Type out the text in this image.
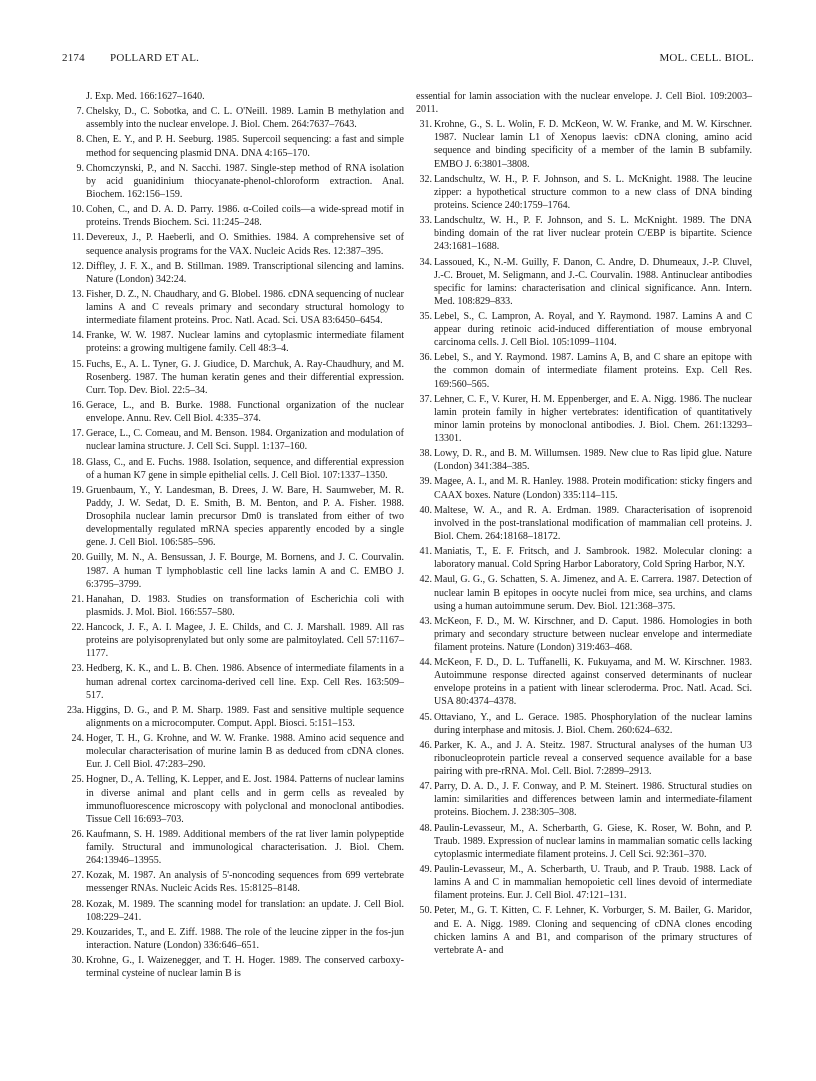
2174 POLLARD ET AL.	MOL. CELL. BIOL.
J. Exp. Med. 166:1627–1640.
7. Chelsky, D., C. Sobotka, and C. L. O'Neill. 1989. Lamin B methylation and assembly into the nuclear envelope. J. Biol. Chem. 264:7637–7643.
8. Chen, E. Y., and P. H. Seeburg. 1985. Supercoil sequencing: a fast and simple method for sequencing plasmid DNA. DNA 4:165–170.
9. Chomczynski, P., and N. Sacchi. 1987. Single-step method of RNA isolation by acid guanidinium thiocyanate-phenol-chloroform extraction. Anal. Biochem. 162:156–159.
10. Cohen, C., and D. A. D. Parry. 1986. α-Coiled coils—a wide-spread motif in proteins. Trends Biochem. Sci. 11:245–248.
11. Devereux, J., P. Haeberli, and O. Smithies. 1984. A comprehensive set of sequence analysis programs for the VAX. Nucleic Acids Res. 12:387–395.
12. Diffley, J. F. X., and B. Stillman. 1989. Transcriptional silencing and lamins. Nature (London) 342:24.
13. Fisher, D. Z., N. Chaudhary, and G. Blobel. 1986. cDNA sequencing of nuclear lamins A and C reveals primary and secondary structural homology to intermediate filament proteins. Proc. Natl. Acad. Sci. USA 83:6450–6454.
14. Franke, W. W. 1987. Nuclear lamins and cytoplasmic intermediate filament proteins: a growing multigene family. Cell 48:3–4.
15. Fuchs, E., A. L. Tyner, G. J. Giudice, D. Marchuk, A. Ray-Chaudhury, and M. Rosenberg. 1987. The human keratin genes and their differential expression. Curr. Top. Dev. Biol. 22:5–34.
16. Gerace, L., and B. Burke. 1988. Functional organization of the nuclear envelope. Annu. Rev. Cell Biol. 4:335–374.
17. Gerace, L., C. Comeau, and M. Benson. 1984. Organization and modulation of nuclear lamina structure. J. Cell Sci. Suppl. 1:137–160.
18. Glass, C., and E. Fuchs. 1988. Isolation, sequence, and differential expression of a human K7 gene in simple epithelial cells. J. Cell Biol. 107:1337–1350.
19. Gruenbaum, Y., Y. Landesman, B. Drees, J. W. Bare, H. Saumweber, M. R. Paddy, J. W. Sedat, D. E. Smith, B. M. Benton, and P. A. Fisher. 1988. Drosophila nuclear lamin precursor Dm0 is translated from either of two developmentally regulated mRNA species apparently encoded by a single gene. J. Cell Biol. 106:585–596.
20. Guilly, M. N., A. Bensussan, J. F. Bourge, M. Bornens, and J. C. Courvalin. 1987. A human T lymphoblastic cell line lacks lamin A and C. EMBO J. 6:3795–3799.
21. Hanahan, D. 1983. Studies on transformation of Escherichia coli with plasmids. J. Mol. Biol. 166:557–580.
22. Hancock, J. F., A. I. Magee, J. E. Childs, and C. J. Marshall. 1989. All ras proteins are polyisoprenylated but only some are palmitoylated. Cell 57:1167–1177.
23. Hedberg, K. K., and L. B. Chen. 1986. Absence of intermediate filaments in a human adrenal cortex carcinoma-derived cell line. Exp. Cell Res. 163:509–517.
23a. Higgins, D. G., and P. M. Sharp. 1989. Fast and sensitive multiple sequence alignments on a microcomputer. Comput. Appl. Biosci. 5:151–153.
24. Hoger, T. H., G. Krohne, and W. W. Franke. 1988. Amino acid sequence and molecular characterisation of murine lamin B as deduced from cDNA clones. Eur. J. Cell Biol. 47:283–290.
25. Hogner, D., A. Telling, K. Lepper, and E. Jost. 1984. Patterns of nuclear lamins in diverse animal and plant cells and in germ cells as revealed by immunofluorescence microscopy with polyclonal and monoclonal antibodies. Tissue Cell 16:693–703.
26. Kaufmann, S. H. 1989. Additional members of the rat liver lamin polypeptide family. Structural and immunological characterisation. J. Biol. Chem. 264:13946–13955.
27. Kozak, M. 1987. An analysis of 5'-noncoding sequences from 699 vertebrate messenger RNAs. Nucleic Acids Res. 15:8125–8148.
28. Kozak, M. 1989. The scanning model for translation: an update. J. Cell Biol. 108:229–241.
29. Kouzarides, T., and E. Ziff. 1988. The role of the leucine zipper in the fos-jun interaction. Nature (London) 336:646–651.
30. Krohne, G., I. Waizenegger, and T. H. Hoger. 1989. The conserved carboxy-terminal cysteine of nuclear lamin B is
essential for lamin association with the nuclear envelope. J. Cell Biol. 109:2003–2011.
31. Krohne, G., S. L. Wolin, F. D. McKeon, W. W. Franke, and M. W. Kirschner. 1987. Nuclear lamin L1 of Xenopus laevis: cDNA cloning, amino acid sequence and binding specificity of a member of the lamin B subfamily. EMBO J. 6:3801–3808.
32. Landschultz, W. H., P. F. Johnson, and S. L. McKnight. 1988. The leucine zipper: a hypothetical structure common to a new class of DNA binding proteins. Science 240:1759–1764.
33. Landschultz, W. H., P. F. Johnson, and S. L. McKnight. 1989. The DNA binding domain of the rat liver nuclear protein C/EBP is bipartite. Science 243:1681–1688.
34. Lassoued, K., N.-M. Guilly, F. Danon, C. Andre, D. Dhumeaux, J.-P. Cluvel, J.-C. Brouet, M. Seligmann, and J.-C. Courvalin. 1988. Antinuclear antibodies specific for lamins: characterisation and clinical significance. Ann. Intern. Med. 108:829–833.
35. Lebel, S., C. Lampron, A. Royal, and Y. Raymond. 1987. Lamins A and C appear during retinoic acid-induced differentiation of mouse embryonal carcinoma cells. J. Cell Biol. 105:1099–1104.
36. Lebel, S., and Y. Raymond. 1987. Lamins A, B, and C share an epitope with the common domain of intermediate filament proteins. Exp. Cell Res. 169:560–565.
37. Lehner, C. F., V. Kurer, H. M. Eppenberger, and E. A. Nigg. 1986. The nuclear lamin protein family in higher vertebrates: identification of quantitatively minor lamin proteins by monoclonal antibodies. J. Biol. Chem. 261:13293–13301.
38. Lowy, D. R., and B. M. Willumsen. 1989. New clue to Ras lipid glue. Nature (London) 341:384–385.
39. Magee, A. I., and M. R. Hanley. 1988. Protein modification: sticky fingers and CAAX boxes. Nature (London) 335:114–115.
40. Maltese, W. A., and R. A. Erdman. 1989. Characterisation of isoprenoid involved in the post-translational modification of mammalian cell proteins. J. Biol. Chem. 264:18168–18172.
41. Maniatis, T., E. F. Fritsch, and J. Sambrook. 1982. Molecular cloning: a laboratory manual. Cold Spring Harbor Laboratory, Cold Spring Harbor, N.Y.
42. Maul, G. G., G. Schatten, S. A. Jimenez, and A. E. Carrera. 1987. Detection of nuclear lamin B epitopes in oocyte nuclei from mice, sea urchins, and clams using a human autoimmune serum. Dev. Biol. 121:368–375.
43. McKeon, F. D., M. W. Kirschner, and D. Caput. 1986. Homologies in both primary and secondary structure between nuclear envelope and intermediate filament proteins. Nature (London) 319:463–468.
44. McKeon, F. D., D. L. Tuffanelli, K. Fukuyama, and M. W. Kirschner. 1983. Autoimmune response directed against conserved determinants of nuclear envelope proteins in a patient with linear scleroderma. Proc. Natl. Acad. Sci. USA 80:4374–4378.
45. Ottaviano, Y., and L. Gerace. 1985. Phosphorylation of the nuclear lamins during interphase and mitosis. J. Biol. Chem. 260:624–632.
46. Parker, K. A., and J. A. Steitz. 1987. Structural analyses of the human U3 ribonucleoprotein particle reveal a conserved sequence available for a base pairing with pre-rRNA. Mol. Cell. Biol. 7:2899–2913.
47. Parry, D. A. D., J. F. Conway, and P. M. Steinert. 1986. Structural studies on lamin: similarities and differences between lamin and intermediate-filament proteins. Biochem. J. 238:305–308.
48. Paulin-Levasseur, M., A. Scherbarth, G. Giese, K. Roser, W. Bohn, and P. Traub. 1989. Expression of nuclear lamins in mammalian somatic cells lacking cytoplasmic intermediate filament proteins. J. Cell Sci. 92:361–370.
49. Paulin-Levasseur, M., A. Scherbarth, U. Traub, and P. Traub. 1988. Lack of lamins A and C in mammalian hemopoietic cell lines devoid of intermediate filament proteins. Eur. J. Cell Biol. 47:121–131.
50. Peter, M., G. T. Kitten, C. F. Lehner, K. Vorburger, S. M. Bailer, G. Maridor, and E. A. Nigg. 1989. Cloning and sequencing of cDNA clones encoding chicken lamins A and B1, and comparison of the primary structures of vertebrate A- and
